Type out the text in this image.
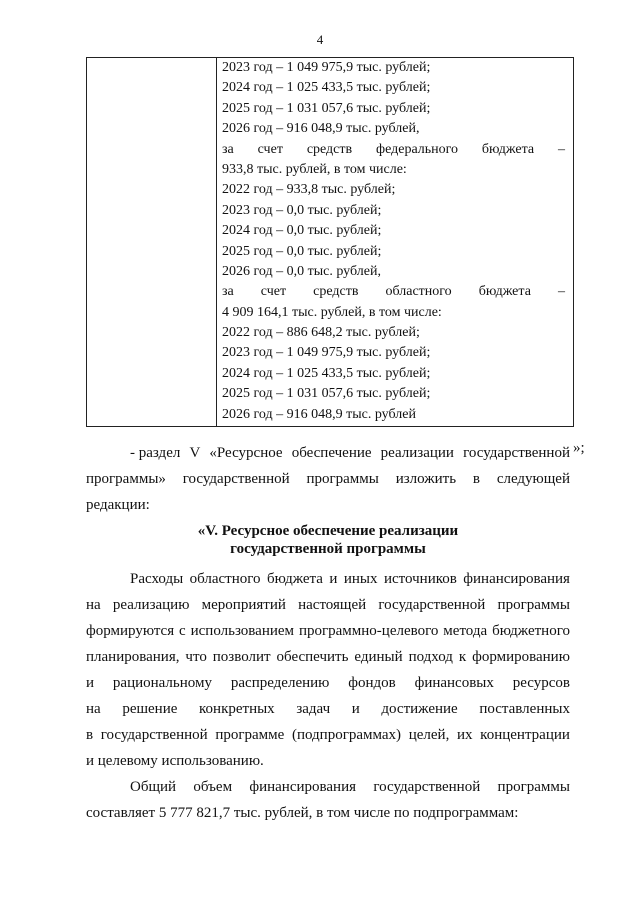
4
2023 год – 1 049 975,9 тыс. рублей;
2024 год – 1 025 433,5 тыс. рублей;
2025 год – 1 031 057,6 тыс. рублей;
2026 год – 916 048,9 тыс. рублей,
за счет средств федерального бюджета –
933,8 тыс. рублей, в том числе:
2022 год – 933,8 тыс. рублей;
2023 год – 0,0 тыс. рублей;
2024 год – 0,0 тыс. рублей;
2025 год – 0,0 тыс. рублей;
2026 год – 0,0 тыс. рублей,
за счет средств областного бюджета –
4 909 164,1 тыс. рублей, в том числе:
2022 год – 886 648,2 тыс. рублей;
2023 год – 1 049 975,9 тыс. рублей;
2024 год – 1 025 433,5 тыс. рублей;
2025 год – 1 031 057,6 тыс. рублей;
2026 год – 916 048,9 тыс. рублей
»;
- раздел V «Ресурсное обеспечение реализации государственной
программы» государственной программы изложить в следующей
редакции:
«V. Ресурсное обеспечение реализации
государственной программы
Расходы областного бюджета и иных источников финансирования
на реализацию мероприятий настоящей государственной программы
формируются с использованием программно-целевого метода бюджетного
планирования, что позволит обеспечить единый подход к формированию
и рациональному распределению фондов финансовых ресурсов
на решение конкретных задач и достижение поставленных
в государственной программе (подпрограммах) целей, их концентрации
и целевому использованию.
Общий объем финансирования государственной программы
составляет 5 777 821,7 тыс. рублей, в том числе по подпрограммам:
